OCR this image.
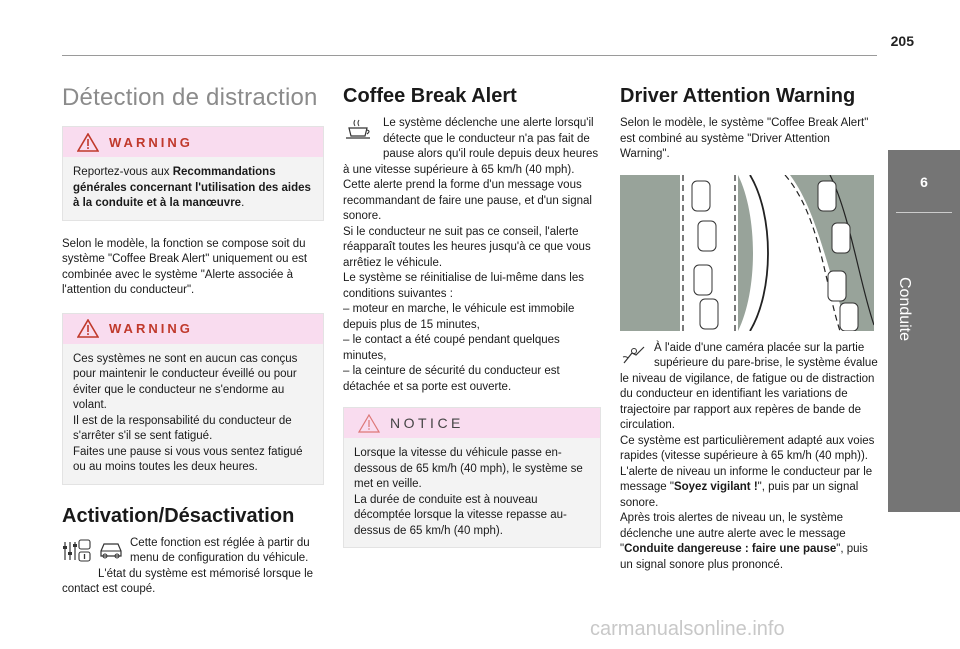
205
6
Conduite
Détection de distraction
WARNING
Reportez-vous aux Recommandations générales concernant l'utilisation des aides à la conduite et à la manœuvre.

Selon le modèle, la fonction se compose soit du système "Coffee Break Alert" uniquement ou est combinée avec le système "Alerte associée à l'attention du conducteur".

WARNING
Ces systèmes ne sont en aucun cas conçus pour maintenir le conducteur éveillé ou pour éviter que le conducteur ne s'endorme au volant.
Il est de la responsabilité du conducteur de s'arrêter s'il se sent fatigué.
Faites une pause si vous vous sentez fatigué ou au moins toutes les deux heures.
Activation/Désactivation

Cette fonction est réglée à partir du menu de configuration du véhicule.
L'état du système est mémorisé lorsque le contact est coupé.

Coffee Break Alert

Le système déclenche une alerte lorsqu'il détecte que le conducteur n'a pas fait de pause alors qu'il roule depuis deux heures à une vitesse supérieure à 65 km/h (40 mph).
Cette alerte prend la forme d'un message vous recommandant de faire une pause, et d'un signal sonore.
Si le conducteur ne suit pas ce conseil, l'alerte réapparaît toutes les heures jusqu'à ce que vous arrêtiez le véhicule.
Le système se réinitialise de lui-même dans les conditions suivantes :
– moteur en marche, le véhicule est immobile depuis plus de 15 minutes,
– le contact a été coupé pendant quelques minutes,
– la ceinture de sécurité du conducteur est détachée et sa porte est ouverte.

NOTICE
Lorsque la vitesse du véhicule passe en-dessous de 65 km/h (40 mph), le système se met en veille.
La durée de conduite est à nouveau décomptée lorsque la vitesse repasse au-dessus de 65 km/h (40 mph).
Driver Attention Warning

Selon le modèle, le système "Coffee Break Alert" est combiné au système "Driver Attention Warning".

À l'aide d'une caméra placée sur la partie supérieure du pare-brise, le système évalue le niveau de vigilance, de fatigue ou de distraction du conducteur en identifiant les variations de trajectoire par rapport aux repères de bande de circulation.
Ce système est particulièrement adapté aux voies rapides (vitesse supérieure à 65 km/h (40 mph)).
L'alerte de niveau un informe le conducteur par le message "Soyez vigilant !", puis par un signal sonore.
Après trois alertes de niveau un, le système déclenche une autre alerte avec le message "Conduite dangereuse : faire une pause", puis un signal sonore plus prononcé.

carmanualsonline.info
